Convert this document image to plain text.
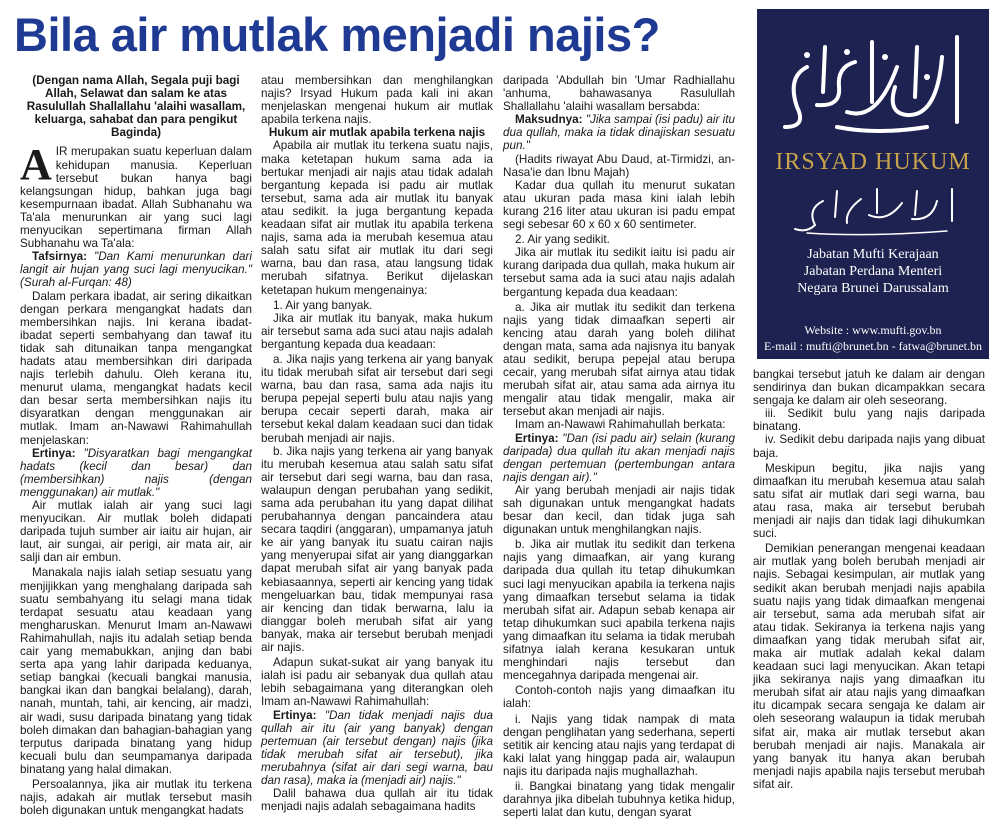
Bila air mutlak menjadi najis?
IRSYAD HUKUM
Jabatan Mufti Kerajaan
Jabatan Perdana Menteri
Negara Brunei Darussalam
Website : www.mufti.gov.bn
E-mail : mufti@brunet.bn - fatwa@brunet.bn

(Dengan nama Allah, Segala puji bagi Allah, Selawat dan salam ke atas Rasulullah Shallallahu 'alaihi wasallam, keluarga, sahabat dan para pengikut Baginda)

AIR merupakan suatu keperluan dalam kehidupan manusia. Keperluan tersebut bukan hanya bagi kelangsungan hidup, bahkan juga bagi kesempurnaan ibadat. Allah Subhanahu wa Ta'ala menurunkan air yang suci lagi menyucikan sepertimana firman Allah Subhanahu wa Ta'ala:

Tafsirnya: "Dan Kami menurunkan dari langit air hujan yang suci lagi menyucikan." (Surah al-Furqan: 48)

Dalam perkara ibadat, air sering dikaitkan dengan perkara mengangkat hadats dan membersihkan najis. Ini kerana ibadat-ibadat seperti sembahyang dan tawaf itu tidak sah ditunaikan tanpa mengangkat hadats atau membersihkan diri daripada najis terlebih dahulu. Oleh kerana itu, menurut ulama, mengangkat hadats kecil dan besar serta membersihkan najis itu disyaratkan dengan menggunakan air mutlak. Imam an-Nawawi Rahimahullah menjelaskan:

Ertinya: "Disyaratkan bagi mengangkat hadats (kecil dan besar) dan (membersihkan) najis (dengan menggunakan) air mutlak."

Air mutlak ialah air yang suci lagi menyucikan. Air mutlak boleh didapati daripada tujuh sumber air iaitu air hujan, air laut, air sungai, air perigi, air mata air, air salji dan air embun.

Manakala najis ialah setiap sesuatu yang menjijikkan yang menghalang daripada sah suatu sembahyang itu selagi mana tidak terdapat sesuatu atau keadaan yang mengharuskan. Menurut Imam an-Nawawi Rahimahullah, najis itu adalah setiap benda cair yang memabukkan, anjing dan babi serta apa yang lahir daripada keduanya, setiap bangkai (kecuali bangkai manusia, bangkai ikan dan bangkai belalang), darah, nanah, muntah, tahi, air kencing, air madzi, air wadi, susu daripada binatang yang tidak boleh dimakan dan bahagian-bahagian yang terputus daripada binatang yang hidup kecuali bulu dan seumpamanya daripada binatang yang halal dimakan.

Persoalannya, jika air mutlak itu terkena najis, adakah air mutlak tersebut masih boleh digunakan untuk mengangkat hadats

atau membersihkan dan menghilangkan najis? Irsyad Hukum pada kali ini akan menjelaskan mengenai hukum air mutlak apabila terkena najis.

Hukum air mutlak apabila terkena najis

Apabila air mutlak itu terkena suatu najis, maka ketetapan hukum sama ada ia bertukar menjadi air najis atau tidak adalah bergantung kepada isi padu air mutlak tersebut, sama ada air mutlak itu banyak atau sedikit. Ia juga bergantung kepada keadaan sifat air mutlak itu apabila terkena najis, sama ada ia merubah kesemua atau salah satu sifat air mutlak itu dari segi warna, bau dan rasa, atau langsung tidak merubah sifatnya. Berikut dijelaskan ketetapan hukum mengenainya:

1. Air yang banyak.

Jika air mutlak itu banyak, maka hukum air tersebut sama ada suci atau najis adalah bergantung kepada dua keadaan:

a. Jika najis yang terkena air yang banyak itu tidak merubah sifat air tersebut dari segi warna, bau dan rasa, sama ada najis itu berupa pepejal seperti bulu atau najis yang berupa cecair seperti darah, maka air tersebut kekal dalam keadaan suci dan tidak berubah menjadi air najis.

b. Jika najis yang terkena air yang banyak itu merubah kesemua atau salah satu sifat air tersebut dari segi warna, bau dan rasa, walaupun dengan perubahan yang sedikit, sama ada perubahan itu yang dapat dilihat perubahannya dengan pancaindera atau secara taqdiri (anggaran), umpamanya jatuh ke air yang banyak itu suatu cairan najis yang menyerupai sifat air yang dianggarkan dapat merubah sifat air yang banyak pada kebiasaannya, seperti air kencing yang tidak mengeluarkan bau, tidak mempunyai rasa air kencing dan tidak berwarna, lalu ia dianggar boleh merubah sifat air yang banyak, maka air tersebut berubah menjadi air najis.

Adapun sukat-sukat air yang banyak itu ialah isi padu air sebanyak dua qullah atau lebih sebagaimana yang diterangkan oleh Imam an-Nawawi Rahimahullah:

Ertinya: "Dan tidak menjadi najis dua qullah air itu (air yang banyak) dengan pertemuan (air tersebut dengan) najis (jika tidak merubah sifat air tersebut), jika merubahnya (sifat air dari segi warna, bau dan rasa), maka ia (menjadi air) najis."

Dalil bahawa dua qullah air itu tidak menjadi najis adalah sebagaimana hadits

daripada 'Abdullah bin 'Umar Radhiallahu 'anhuma, bahawasanya Rasulullah Shallallahu 'alaihi wasallam bersabda:

Maksudnya: "Jika sampai (isi padu) air itu dua qullah, maka ia tidak dinajiskan sesuatu pun."

(Hadits riwayat Abu Daud, at-Tirmidzi, an-Nasa'ie dan Ibnu Majah)

Kadar dua qullah itu menurut sukatan atau ukuran pada masa kini ialah lebih kurang 216 liter atau ukuran isi padu empat segi sebesar 60 x 60 x 60 sentimeter.

2. Air yang sedikit.

Jika air mutlak itu sedikit iaitu isi padu air kurang daripada dua qullah, maka hukum air tersebut sama ada ia suci atau najis adalah bergantung kepada dua keadaan:

a. Jika air mutlak itu sedikit dan terkena najis yang tidak dimaafkan seperti air kencing atau darah yang boleh dilihat dengan mata, sama ada najisnya itu banyak atau sedikit, berupa pepejal atau berupa cecair, yang merubah sifat airnya atau tidak merubah sifat air, atau sama ada airnya itu mengalir atau tidak mengalir, maka air tersebut akan menjadi air najis.

Imam an-Nawawi Rahimahullah berkata:

Ertinya: "Dan (isi padu air) selain (kurang daripada) dua qullah itu akan menjadi najis dengan pertemuan (pertembungan antara najis dengan air)."

Air yang berubah menjadi air najis tidak sah digunakan untuk mengangkat hadats besar dan kecil, dan tidak juga sah digunakan untuk menghilangkan najis.

b. Jika air mutlak itu sedikit dan terkena najis yang dimaafkan, air yang kurang daripada dua qullah itu tetap dihukumkan suci lagi menyucikan apabila ia terkena najis yang dimaafkan tersebut selama ia tidak merubah sifat air. Adapun sebab kenapa air tetap dihukumkan suci apabila terkena najis yang dimaafkan itu selama ia tidak merubah sifatnya ialah kerana kesukaran untuk menghindari najis tersebut dan mencegahnya daripada mengenai air.

Contoh-contoh najis yang dimaafkan itu ialah:

i. Najis yang tidak nampak di mata dengan penglihatan yang sederhana, seperti setitik air kencing atau najis yang terdapat di kaki lalat yang hinggap pada air, walaupun najis itu daripada najis mughallazhah.

ii. Bangkai binatang yang tidak mengalir darahnya jika dibelah tubuhnya ketika hidup, seperti lalat dan kutu, dengan syarat

bangkai tersebut jatuh ke dalam air dengan sendirinya dan bukan dicampakkan secara sengaja ke dalam air oleh seseorang.

iii. Sedikit bulu yang najis daripada binatang.

iv. Sedikit debu daripada najis yang dibuat baja.

Meskipun begitu, jika najis yang dimaafkan itu merubah kesemua atau salah satu sifat air mutlak dari segi warna, bau atau rasa, maka air tersebut berubah menjadi air najis dan tidak lagi dihukumkan suci.

Demikian penerangan mengenai keadaan air mutlak yang boleh berubah menjadi air najis. Sebagai kesimpulan, air mutlak yang sedikit akan berubah menjadi najis apabila suatu najis yang tidak dimaafkan mengenai air tersebut, sama ada merubah sifat air atau tidak. Sekiranya ia terkena najis yang dimaafkan yang tidak merubah sifat air, maka air mutlak adalah kekal dalam keadaan suci lagi menyucikan. Akan tetapi jika sekiranya najis yang dimaafkan itu merubah sifat air atau najis yang dimaafkan itu dicampak secara sengaja ke dalam air oleh seseorang walaupun ia tidak merubah sifat air, maka air mutlak tersebut akan berubah menjadi air najis. Manakala air yang banyak itu hanya akan berubah menjadi najis apabila najis tersebut merubah sifat air.
